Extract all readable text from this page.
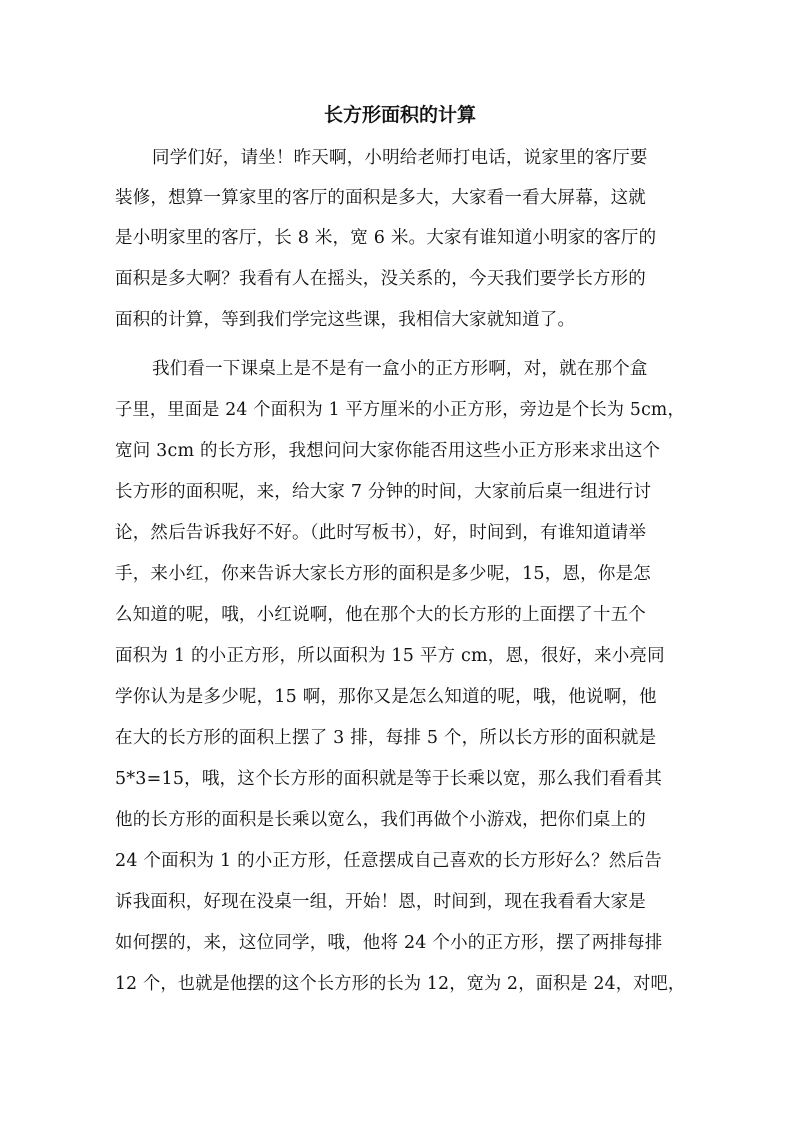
长方形面积的计算
同学们好，请坐！昨天啊，小明给老师打电话，说家里的客厅要
装修，想算一算家里的客厅的面积是多大，大家看一看大屏幕，这就
是小明家里的客厅，长 8 米，宽 6 米。大家有谁知道小明家的客厅的
面积是多大啊？我看有人在摇头，没关系的，今天我们要学长方形的
面积的计算，等到我们学完这些课，我相信大家就知道了。
我们看一下课桌上是不是有一盒小的正方形啊，对，就在那个盒
子里，里面是 24 个面积为 1 平方厘米的小正方形，旁边是个长为 5cm，
宽问 3cm 的长方形，我想问问大家你能否用这些小正方形来求出这个
长方形的面积呢，来，给大家 7 分钟的时间，大家前后桌一组进行讨
论，然后告诉我好不好。（此时写板书），好，时间到，有谁知道请举
手，来小红，你来告诉大家长方形的面积是多少呢，15，恩，你是怎
么知道的呢，哦，小红说啊，他在那个大的长方形的上面摆了十五个
面积为 1 的小正方形，所以面积为 15 平方 cm，恩，很好，来小亮同
学你认为是多少呢，15 啊，那你又是怎么知道的呢，哦，他说啊，他
在大的长方形的面积上摆了 3 排，每排 5 个，所以长方形的面积就是
5*3=15，哦，这个长方形的面积就是等于长乘以宽，那么我们看看其
他的长方形的面积是长乘以宽么，我们再做个小游戏，把你们桌上的
24 个面积为 1 的小正方形，任意摆成自己喜欢的长方形好么？然后告
诉我面积，好现在没桌一组，开始！恩，时间到，现在我看看大家是
如何摆的，来，这位同学，哦，他将 24 个小的正方形，摆了两排每排
12 个，也就是他摆的这个长方形的长为 12，宽为 2，面积是 24，对吧，
